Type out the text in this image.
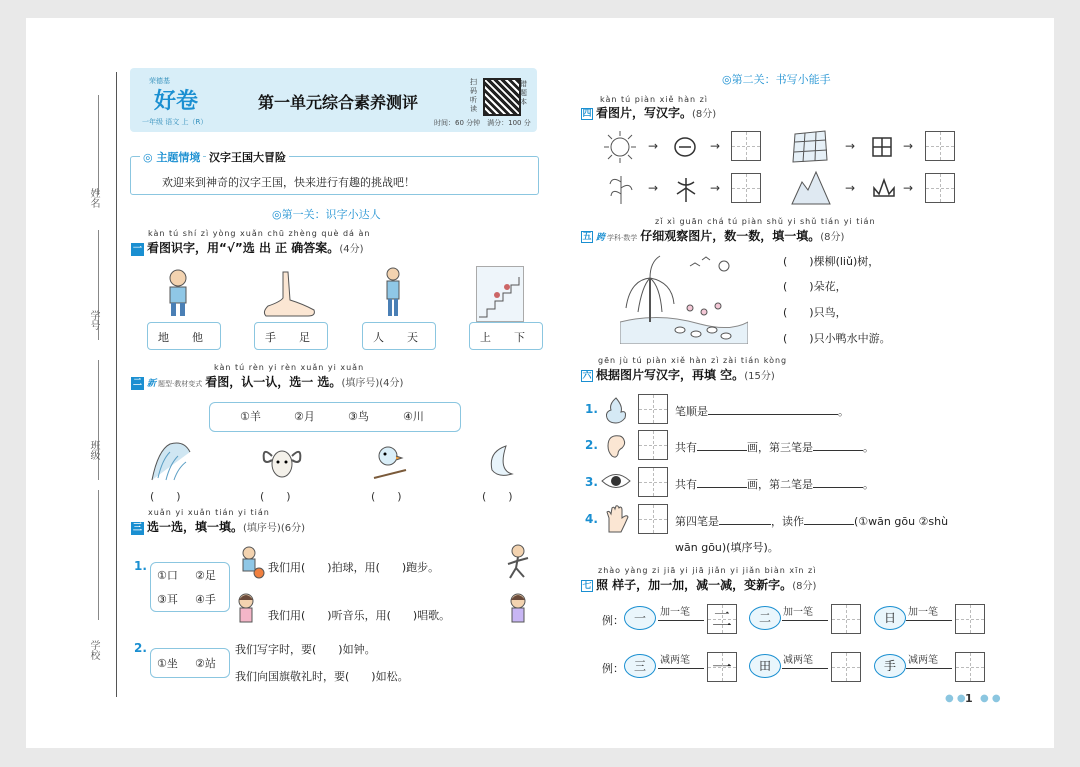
姓名
学号
班级
学校
荣德基
好卷
一年级 语文 上（R）
第一单元综合素养测评
扫码听读
错题本
时间：60 分钟　满分：100 分
◎ 主题情境 汉字王国大冒险
欢迎来到神奇的汉字王国，快来进行有趣的挑战吧！
◎第一关：识字小达人
kàn tú shí zì yòng xuǎn chū zhèng què dá àn
一 看图识字，用“√”选 出 正 确答案。(4分)
地 他	手 足	人 天	上 下
kàn tú rèn yi rèn xuǎn yi xuǎn
二 新 题型·教材变式 看图，认一认，选一 选。(填序号)(4分)
①羊	②月	③鸟	④川
(　　)	(　　)	(　　)	(　　)
xuǎn yi xuǎn tián yi tián
三 选一选，填一填。(填序号)(6分)
1.
①口 ②足
③耳 ④手
我们用(　　)拍球，用(　　)跑步。
我们用(　　)听音乐，用(　　)唱歌。
2.
①坐 ②站
我们写字时，要(　　)如钟。
我们向国旗敬礼时，要(　　)如松。
◎第二关：书写小能手
kàn tú piàn xiě hàn zì
四 看图片，写汉字。(8分)
→	→	→	→
→	→	→	→
zǐ xì guān chá tú piàn shǔ yi shǔ tián yi tián
五 跨 学科·数学 仔细观察图片，数一数，填一填。(8分)
(　　)棵柳(liǔ)树，
(　　)朵花，
(　　)只鸟，
(　　)只小鸭水中游。
gēn jù tú piàn xiě hàn zì zài tián kòng
六 根据图片写汉字，再填 空。(15分)
1.	笔顺是	。
2.	共有	画，第三笔是	。
3.	共有	画，第二笔是	。
4.	第四笔是	，读作	(①wān gōu ②shù
wān gōu)(填序号)。
zhào yàng zi jiā yi jiā jiǎn yi jiǎn biàn xīn zì
七 照 样子，加一加，减一减，变新字。(8分)
例： 一	加一笔 二	二	加一笔	日	加一笔
例： 三	减两笔 一	田	减两笔	手	减两笔
● ● 1 ● ●
